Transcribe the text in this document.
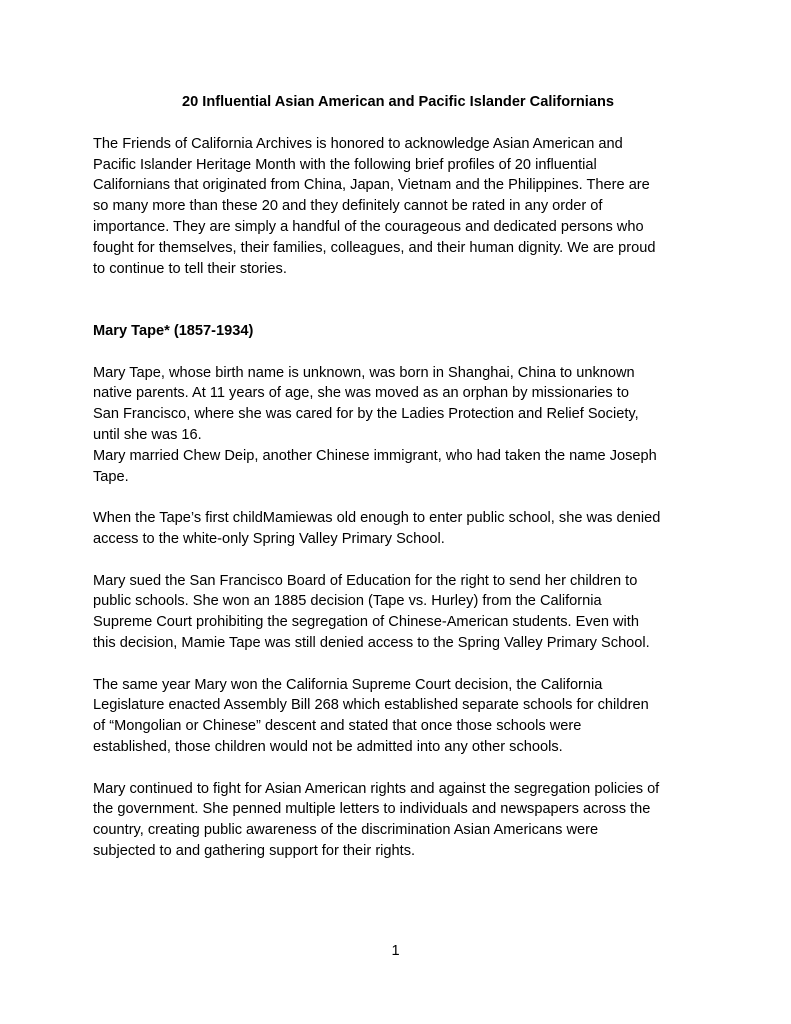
20 Influential Asian American and Pacific Islander Californians

The Friends of California Archives is honored to acknowledge Asian American and
Pacific Islander Heritage Month with the following brief profiles of 20 influential
Californians that originated from China, Japan, Vietnam and the Philippines. There are
so many more than these 20 and they definitely cannot be rated in any order of
importance. They are simply a handful of the courageous and dedicated persons who
fought for themselves, their families, colleagues, and their human dignity. We are proud
to continue to tell their stories.

Mary Tape* (1857-1934)

Mary Tape, whose birth name is unknown, was born in Shanghai, China to unknown
native parents. At 11 years of age, she was moved as an orphan by missionaries to
San Francisco, where she was cared for by the Ladies Protection and Relief Society,
until she was 16.

Mary married Chew Deip, another Chinese immigrant, who had taken the name Joseph
Tape.

When the Tape’s first childMamiewas old enough to enter public school, she was denied
access to the white-only Spring Valley Primary School.

Mary sued the San Francisco Board of Education for the right to send her children to
public schools. She won an 1885 decision (Tape vs. Hurley) from the California
Supreme Court prohibiting the segregation of Chinese-American students. Even with
this decision, Mamie Tape was still denied access to the Spring Valley Primary School.

The same year Mary won the California Supreme Court decision, the California
Legislature enacted Assembly Bill 268 which established separate schools for children
of “Mongolian or Chinese” descent and stated that once those schools were
established, those children would not be admitted into any other schools.

Mary continued to fight for Asian American rights and against the segregation policies of
the government. She penned multiple letters to individuals and newspapers across the
country, creating public awareness of the discrimination Asian Americans were
subjected to and gathering support for their rights.

1
